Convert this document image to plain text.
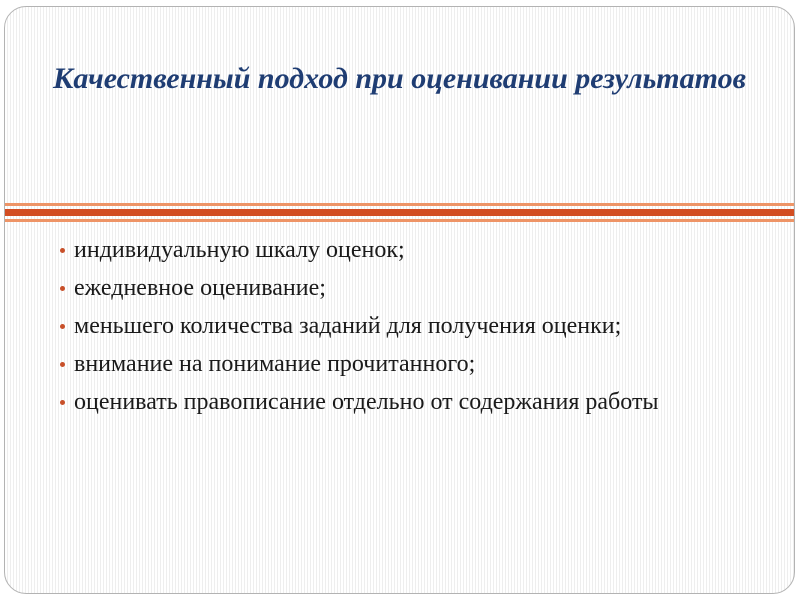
Качественный подход при оценивании результатов
индивидуальную шкалу оценок;
ежедневное оценивание;
меньшего количества заданий для получения оценки;
внимание на понимание прочитанного;
оценивать правописание отдельно от содержания работы
